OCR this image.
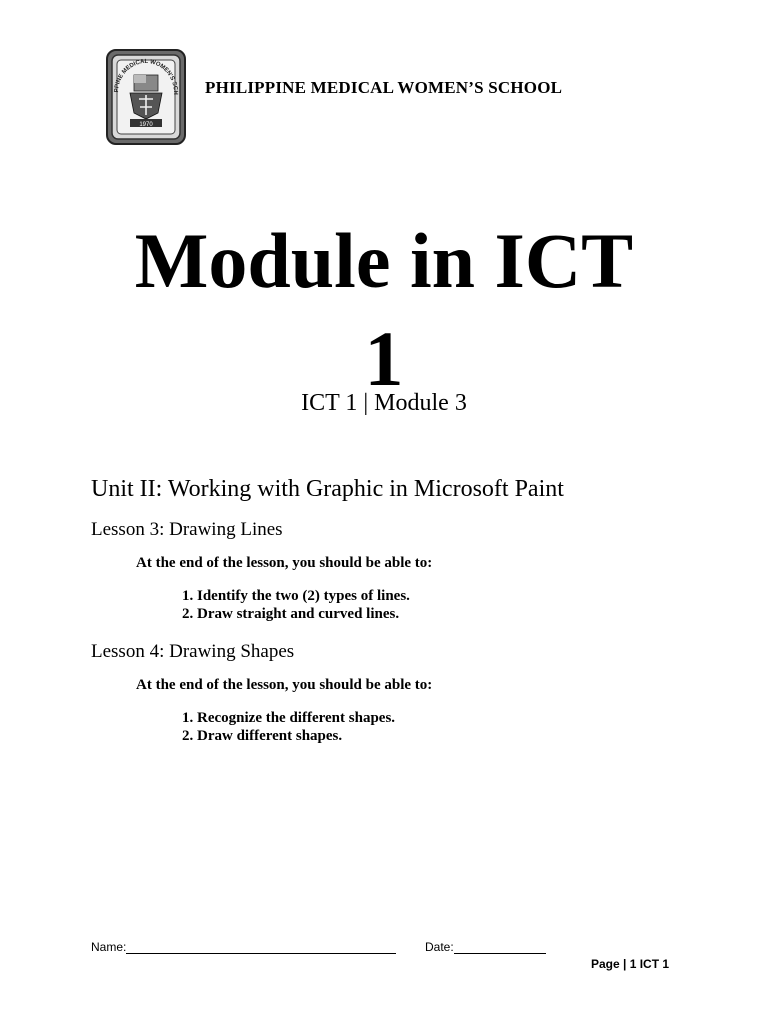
PPINE MEDICAL WOMEN'S SCH
1970
PHILIPPINE MEDICAL WOMEN’S SCHOOL
Module in ICT
1
ICT 1 | Module 3
Unit II: Working with Graphic in Microsoft Paint
Lesson 3: Drawing Lines
At the end of the lesson, you should be able to:
1. Identify the two (2) types of lines.
2. Draw straight and curved lines.
Lesson 4: Drawing Shapes
At the end of the lesson, you should be able to:
1. Recognize the different shapes.
2. Draw different shapes.
Name:	Date:
Page | 1 ICT 1
